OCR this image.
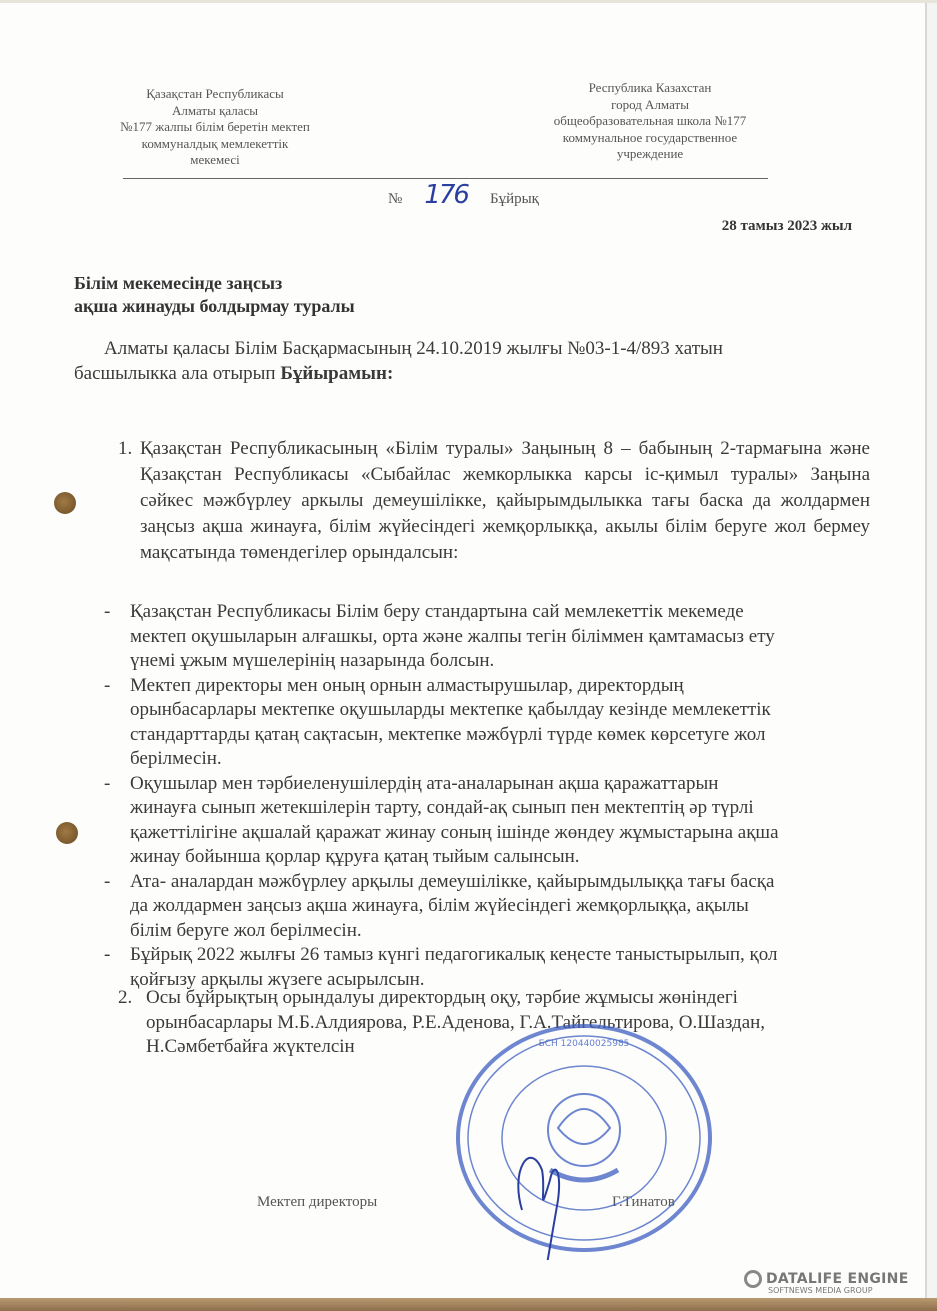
Қазақстан Республикасы
Алматы қаласы
№177 жалпы білім беретін мектеп
коммуналдық мемлекеттік
мекемесі
Республика Казахстан
город Алматы
общеобразовательная школа №177
коммунальное государственное
учреждение
№ 176 Бұйрық
28 тамыз 2023 жыл
Білім мекемесінде заңсыз
ақша жинауды болдырмау туралы
Алматы қаласы Білім Басқармасының 24.10.2019 жылғы №03-1-4/893 хатын
басшылыкка ала отырып Бұйырамын:
1. Қазақстан Республикасының «Білім туралы» Заңының 8 – бабының 2-тармағына және Қазақстан Республикасы «Сыбайлас жемкорлыкка карсы іс-қимыл туралы» Заңына сәйкес мәжбүрлеу аркылы демеушілікке, қайырымдылыкка тағы баска да жолдармен заңсыз ақша жинауға, білім жүйесіндегі жемқорлыкқа, акылы білім беруге жол бермеу мақсатында төмендегілер орындалсын:
- Қазақстан Республикасы Білім беру стандартына сай мемлекеттік мекемеде
мектеп оқушыларын алғашкы, орта және жалпы тегін біліммен қамтамасыз ету
үнемі ұжым мүшелерінің назарында болсын.
- Мектеп директоры мен оның орнын алмастырушылар, директордың
орынбасарлары мектепке оқушыларды мектепке қабылдау кезінде мемлекеттік
стандарттарды қатаң сақтасын, мектепке мәжбүрлі түрде көмек көрсетуге жол
берілмесін.
- Оқушылар мен тәрбиеленушілердің ата-аналарынан ақша қаражаттарын
жинауға сынып жетекшілерін тарту, сондай-ақ сынып пен мектептің әр түрлі
қажеттілігіне ақшалай қаражат жинау соның ішінде жөндеу жұмыстарына ақша
жинау бойынша қорлар құруға қатаң тыйым салынсын.
- Ата- аналардан мәжбүрлеу арқылы демеушілікке, қайырымдылыққа тағы басқа
да жолдармен заңсыз ақша жинауға, білім жүйесіндегі жемқорлыққа, ақылы
білім беруге жол берілмесін.
- Бұйрық 2022 жылғы 26 тамыз күнгі педагогикалық кеңесте таныстырылып, қол
қойғызу арқылы жүзеге асырылсын.
2. Осы бұйрықтың орындалуы директордың оқу, тәрбие жұмысы жөніндегі
орынбасарлары М.Б.Алдиярова, Р.Е.Аденова, Г.А.Тайгельтирова, О.Шаздан,
Н.Сәмбетбайға жүктелсін
Мектеп директоры	Г.Тинатов
БСН 120440025985
DATALIFE ENGINE
SOFTNEWS MEDIA GROUP
